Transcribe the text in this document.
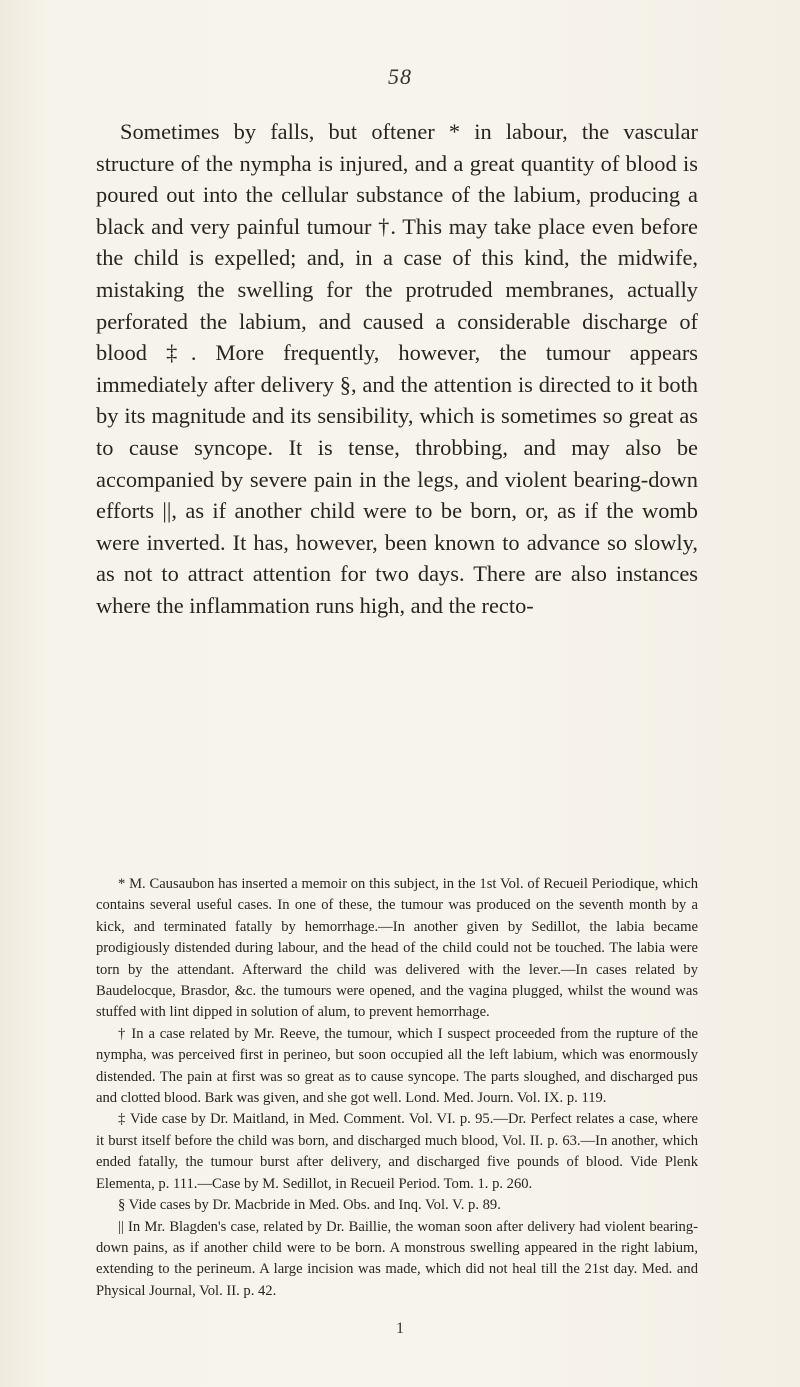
58

Sometimes by falls, but oftener * in labour, the vascular structure of the nympha is injured, and a great quantity of blood is poured out into the cellular substance of the labium, producing a black and very painful tumour †. This may take place even before the child is expelled; and, in a case of this kind, the midwife, mistaking the swelling for the protruded membranes, actually perforated the labium, and caused a considerable discharge of blood ‡. More frequently, however, the tumour appears immediately after delivery §, and the attention is directed to it both by its magnitude and its sensibility, which is sometimes so great as to cause syncope. It is tense, throbbing, and may also be accompanied by severe pain in the legs, and violent bearing-down efforts ||, as if another child were to be born, or, as if the womb were inverted. It has, however, been known to advance so slowly, as not to attract attention for two days. There are also instances where the inflammation runs high, and the recto-

* M. Causaubon has inserted a memoir on this subject, in the 1st Vol. of Recueil Periodique, which contains several useful cases. In one of these, the tumour was produced on the seventh month by a kick, and terminated fatally by hemorrhage.—In another given by Sedillot, the labia became prodigiously distended during labour, and the head of the child could not be touched. The labia were torn by the attendant. Afterward the child was delivered with the lever.—In cases related by Baudelocque, Brasdor, &c. the tumours were opened, and the vagina plugged, whilst the wound was stuffed with lint dipped in solution of alum, to prevent hemorrhage.

† In a case related by Mr. Reeve, the tumour, which I suspect proceeded from the rupture of the nympha, was perceived first in perineo, but soon occupied all the left labium, which was enormously distended. The pain at first was so great as to cause syncope. The parts sloughed, and discharged pus and clotted blood. Bark was given, and she got well. Lond. Med. Journ. Vol. IX. p. 119.

‡ Vide case by Dr. Maitland, in Med. Comment. Vol. VI. p. 95.—Dr. Perfect relates a case, where it burst itself before the child was born, and discharged much blood, Vol. II. p. 63.—In another, which ended fatally, the tumour burst after delivery, and discharged five pounds of blood. Vide Plenk Elementa, p. 111.—Case by M. Sedillot, in Recueil Period. Tom. 1. p. 260.

§ Vide cases by Dr. Macbride in Med. Obs. and Inq. Vol. V. p. 89.

|| In Mr. Blagden's case, related by Dr. Baillie, the woman soon after delivery had violent bearing-down pains, as if another child were to be born. A monstrous swelling appeared in the right labium, extending to the perineum. A large incision was made, which did not heal till the 21st day. Med. and Physical Journal, Vol. II. p. 42.

1
